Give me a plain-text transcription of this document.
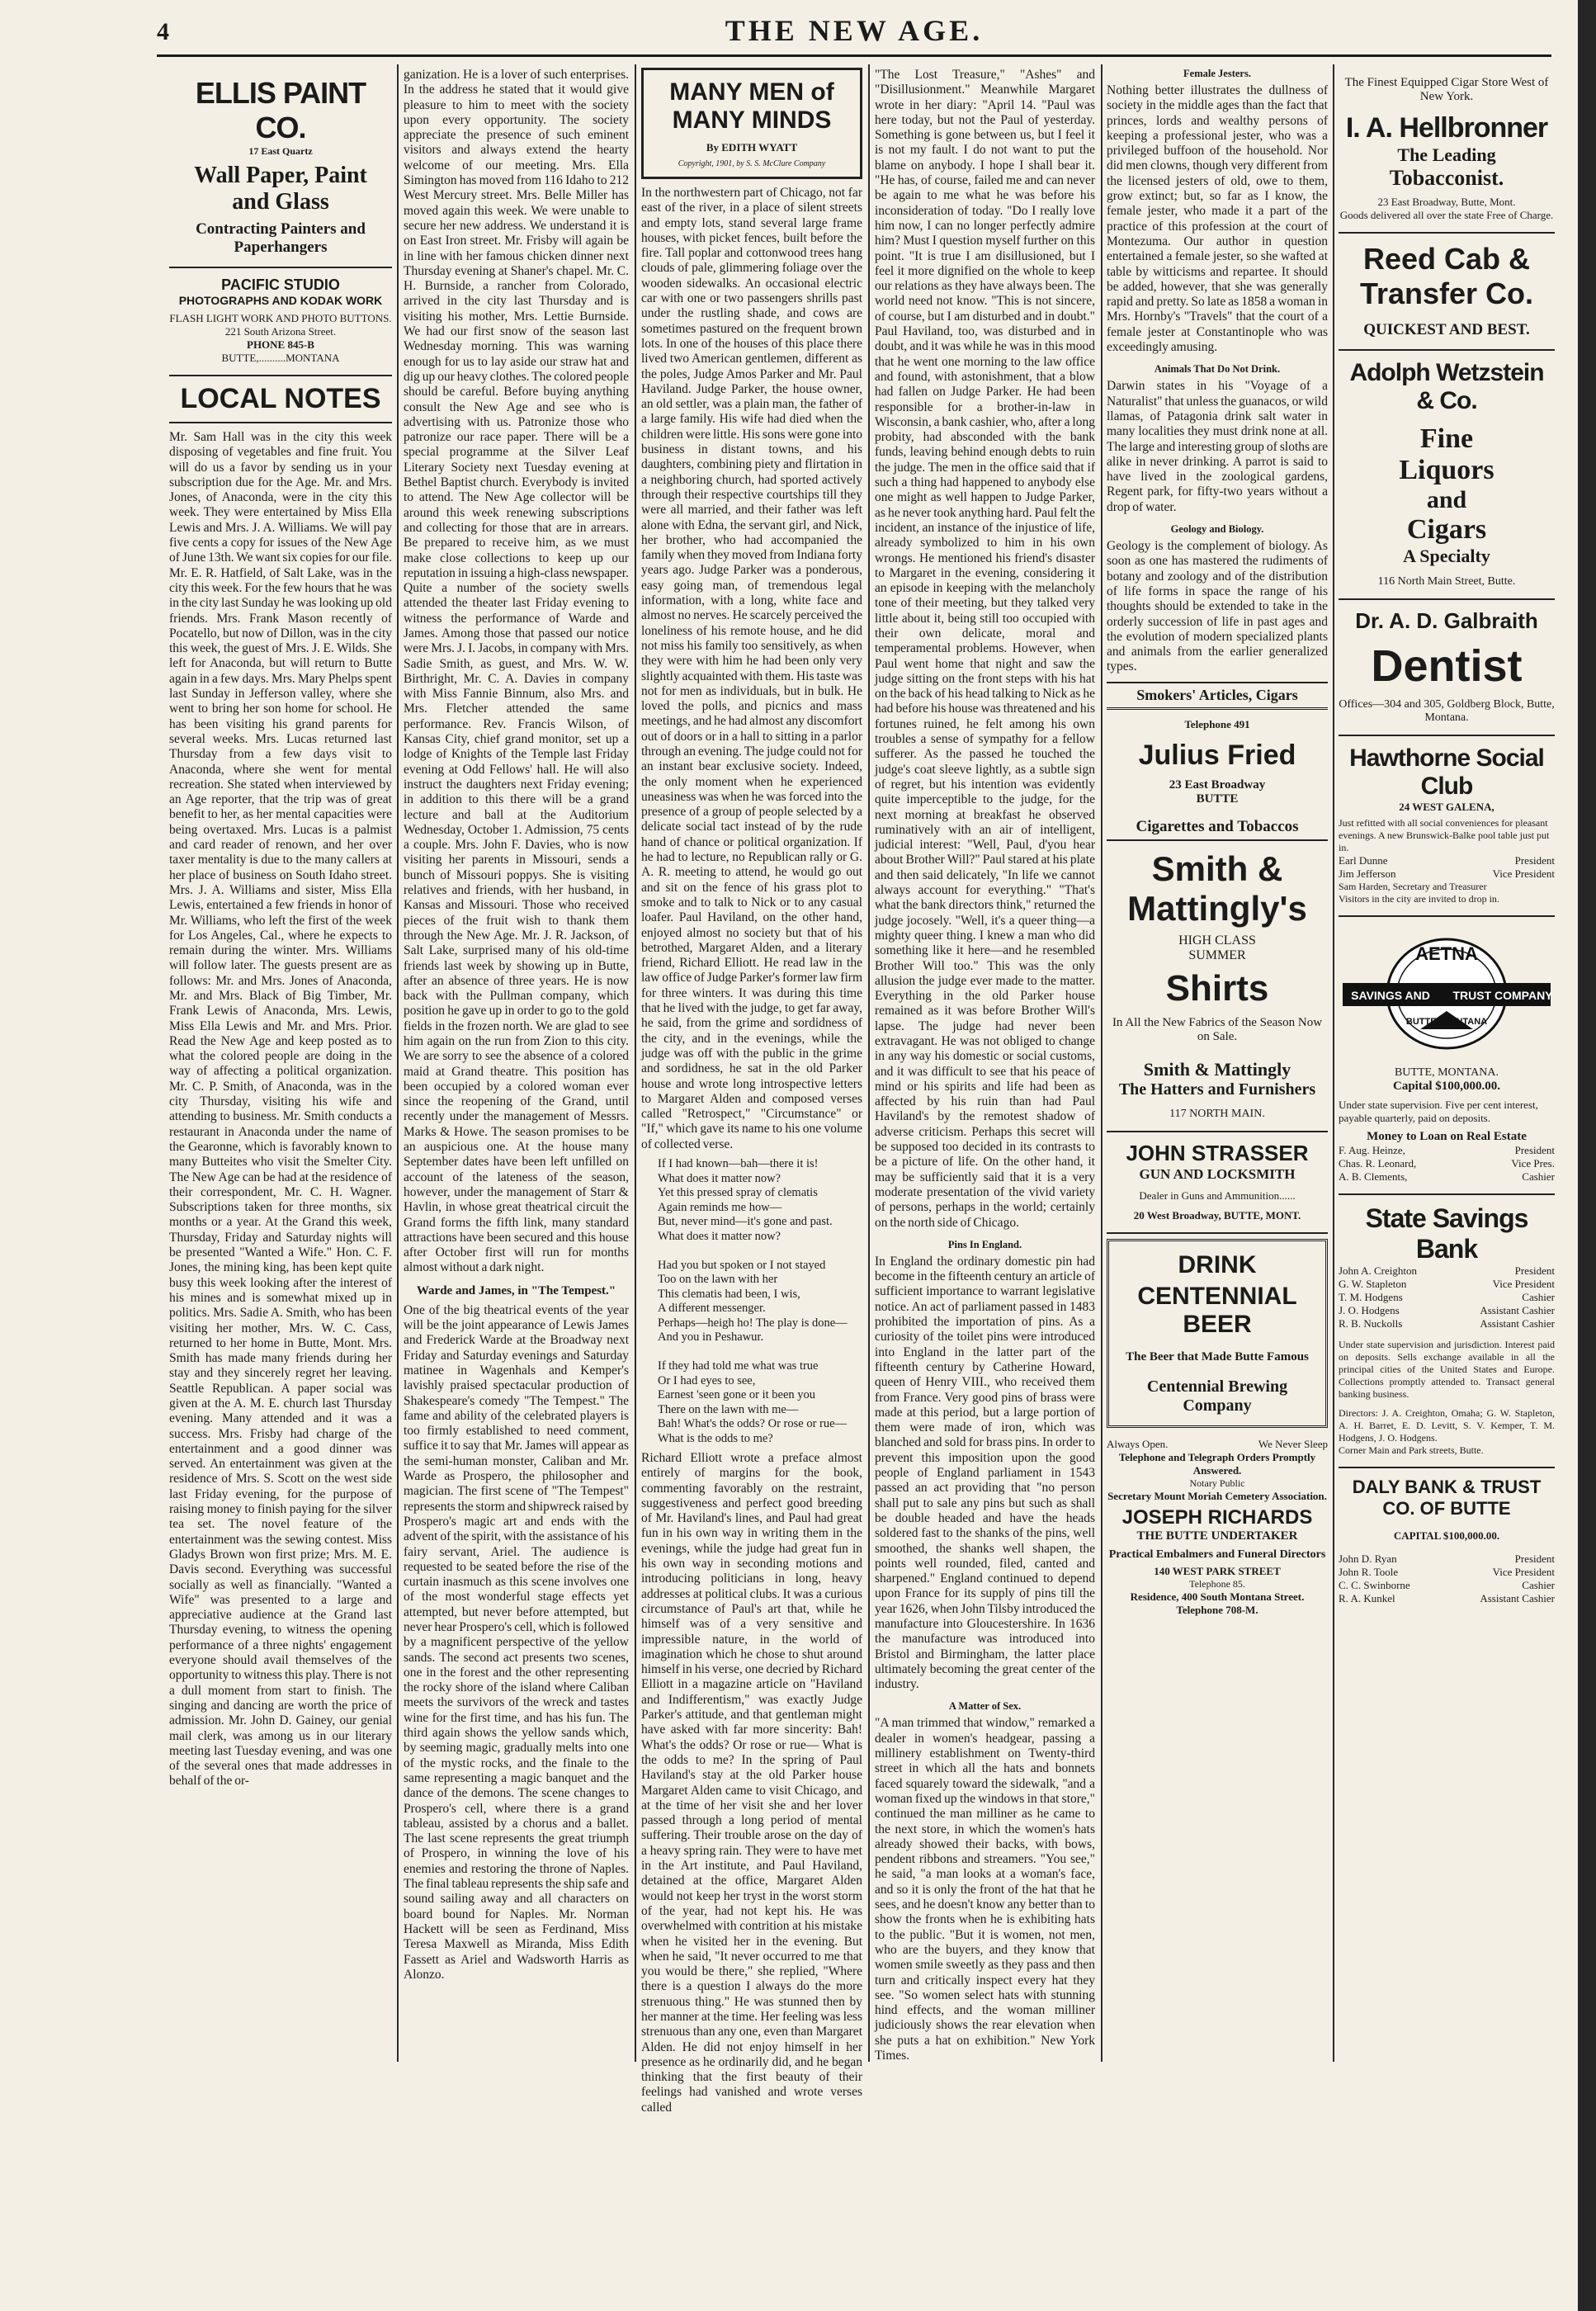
4	THE NEW AGE.
ELLIS PAINT CO.
17 East Quartz
Wall Paper, Paint
and Glass
Contracting Painters and Paperhangers
PACIFIC STUDIO
PHOTOGRAPHS AND KODAK WORK
FLASH LIGHT WORK AND PHOTO BUTTONS.
221 South Arizona Street.
PHONE 845-B
BUTTE,..........MONTANA
LOCAL NOTES

Mr. Sam Hall was in the city this week disposing of vegetables and fine fruit. You will do us a favor by sending us in your subscription due for the Age. Mr. and Mrs. Jones, of Anaconda, were in the city this week. They were entertained by Miss Ella Lewis and Mrs. J. A. Williams. We will pay five cents a copy for issues of the New Age of June 13th. We want six copies for our file. Mr. E. R. Hatfield, of Salt Lake, was in the city this week. For the few hours that he was in the city last Sunday he was looking up old friends. Mrs. Frank Mason recently of Pocatello, but now of Dillon, was in the city this week, the guest of Mrs. J. E. Wilds. She left for Anaconda, but will return to Butte again in a few days. Mrs. Mary Phelps spent last Sunday in Jefferson valley, where she went to bring her son home for school. He has been visiting his grand parents for several weeks. Mrs. Lucas returned last Thursday from a few days visit to Anaconda, where she went for mental recreation. She stated when interviewed by an Age reporter, that the trip was of great benefit to her, as her mental capacities were being overtaxed. Mrs. Lucas is a palmist and card reader of renown, and her over taxer mentality is due to the many callers at her place of business on South Idaho street. Mrs. J. A. Williams and sister, Miss Ella Lewis, entertained a few friends in honor of Mr. Williams, who left the first of the week for Los Angeles, Cal., where he expects to remain during the winter. Mrs. Williams will follow later. The guests present are as follows: Mr. and Mrs. Jones of Anaconda, Mr. and Mrs. Black of Big Timber, Mr. Frank Lewis of Anaconda, Mrs. Lewis, Miss Ella Lewis and Mr. and Mrs. Prior. Read the New Age and keep posted as to what the colored people are doing in the way of affecting a political organization. Mr. C. P. Smith, of Anaconda, was in the city Thursday, visiting his wife and attending to business. Mr. Smith conducts a restaurant in Anaconda under the name of the Gearonne, which is favorably known to many Butteites who visit the Smelter City. The New Age can be had at the residence of their correspondent, Mr. C. H. Wagner. Subscriptions taken for three months, six months or a year. At the Grand this week, Thursday, Friday and Saturday nights will be presented "Wanted a Wife." Hon. C. F. Jones, the mining king, has been kept quite busy this week looking after the interest of his mines and is somewhat mixed up in politics. Mrs. Sadie A. Smith, who has been visiting her mother, Mrs. W. C. Cass, returned to her home in Butte, Mont. Mrs. Smith has made many friends during her stay and they sincerely regret her leaving. Seattle Republican. A paper social was given at the A. M. E. church last Thursday evening. Many attended and it was a success. Mrs. Frisby had charge of the entertainment and a good dinner was served. An entertainment was given at the residence of Mrs. S. Scott on the west side last Friday evening, for the purpose of raising money to finish paying for the silver tea set. The novel feature of the entertainment was the sewing contest. Miss Gladys Brown won first prize; Mrs. M. E. Davis second. Everything was successful socially as well as financially. "Wanted a Wife" was presented to a large and appreciative audience at the Grand last Thursday evening, to witness the opening performance of a three nights' engagement everyone should avail themselves of the opportunity to witness this play. There is not a dull moment from start to finish. The singing and dancing are worth the price of admission. Mr. John D. Gainey, our genial mail clerk, was among us in our literary meeting last Tuesday evening, and was one of the several ones that made addresses in behalf of the or-

ganization. He is a lover of such enterprises. In the address he stated that it would give pleasure to him to meet with the society upon every opportunity. The society appreciate the presence of such eminent visitors and always extend the hearty welcome of our meeting. Mrs. Ella Simington has moved from 116 Idaho to 212 West Mercury street. Mrs. Belle Miller has moved again this week. We were unable to secure her new address. We understand it is on East Iron street. Mr. Frisby will again be in line with her famous chicken dinner next Thursday evening at Shaner's chapel. Mr. C. H. Burnside, a rancher from Colorado, arrived in the city last Thursday and is visiting his mother, Mrs. Lettie Burnside. We had our first snow of the season last Wednesday morning. This was warning enough for us to lay aside our straw hat and dig up our heavy clothes. The colored people should be careful. Before buying anything consult the New Age and see who is advertising with us. Patronize those who patronize our race paper. There will be a special programme at the Silver Leaf Literary Society next Tuesday evening at Bethel Baptist church. Everybody is invited to attend. The New Age collector will be around this week renewing subscriptions and collecting for those that are in arrears. Be prepared to receive him, as we must make close collections to keep up our reputation in issuing a high-class newspaper. Quite a number of the society swells attended the theater last Friday evening to witness the performance of Warde and James. Among those that passed our notice were Mrs. J. I. Jacobs, in company with Mrs. Sadie Smith, as guest, and Mrs. W. W. Birthright, Mr. C. A. Davies in company with Miss Fannie Binnum, also Mrs. and Mrs. Fletcher attended the same performance. Rev. Francis Wilson, of Kansas City, chief grand monitor, set up a lodge of Knights of the Temple last Friday evening at Odd Fellows' hall. He will also instruct the daughters next Friday evening; in addition to this there will be a grand lecture and ball at the Auditorium Wednesday, October 1. Admission, 75 cents a couple. Mrs. John F. Davies, who is now visiting her parents in Missouri, sends a bunch of Missouri poppys. She is visiting relatives and friends, with her husband, in Kansas and Missouri. Those who received pieces of the fruit wish to thank them through the New Age. Mr. J. R. Jackson, of Salt Lake, surprised many of his old-time friends last week by showing up in Butte, after an absence of three years. He is now back with the Pullman company, which position he gave up in order to go to the gold fields in the frozen north. We are glad to see him again on the run from Zion to this city. We are sorry to see the absence of a colored maid at Grand theatre. This position has been occupied by a colored woman ever since the reopening of the Grand, until recently under the management of Messrs. Marks & Howe. The season promises to be an auspicious one. At the house many September dates have been left unfilled on account of the lateness of the season, however, under the management of Starr & Havlin, in whose great theatrical circuit the Grand forms the fifth link, many standard attractions have been secured and this house after October first will run for months almost without a dark night.

Warde and James, in "The Tempest."

One of the big theatrical events of the year will be the joint appearance of Lewis James and Frederick Warde at the Broadway next Friday and Saturday evenings and Saturday matinee in Wagenhals and Kemper's lavishly praised spectacular production of Shakespeare's comedy "The Tempest." The fame and ability of the celebrated players is too firmly established to need comment, suffice it to say that Mr. James will appear as the semi-human monster, Caliban and Mr. Warde as Prospero, the philosopher and magician. The first scene of "The Tempest" represents the storm and shipwreck raised by Prospero's magic art and ends with the advent of the spirit, with the assistance of his fairy servant, Ariel. The audience is requested to be seated before the rise of the curtain inasmuch as this scene involves one of the most wonderful stage effects yet attempted, but never before attempted, but never hear Prospero's cell, which is followed by a magnificent perspective of the yellow sands. The second act presents two scenes, one in the forest and the other representing the rocky shore of the island where Caliban meets the survivors of the wreck and tastes wine for the first time, and has his fun. The third again shows the yellow sands which, by seeming magic, gradually melts into one of the mystic rocks, and the finale to the same representing a magic banquet and the dance of the demons. The scene changes to Prospero's cell, where there is a grand tableau, assisted by a chorus and a ballet. The last scene represents the great triumph of Prospero, in winning the love of his enemies and restoring the throne of Naples. The final tableau represents the ship safe and sound sailing away and all characters on board bound for Naples. Mr. Norman Hackett will be seen as Ferdinand, Miss Teresa Maxwell as Miranda, Miss Edith Fassett as Ariel and Wadsworth Harris as Alonzo.

MANY MEN of
MANY MINDS
By EDITH WYATT
Copyright, 1901, by S. S. McClure Company

In the northwestern part of Chicago, not far east of the river, in a place of silent streets and empty lots, stand several large frame houses, with picket fences, built before the fire. Tall poplar and cottonwood trees hang clouds of pale, glimmering foliage over the wooden sidewalks. An occasional electric car with one or two passengers shrills past under the rustling shade, and cows are sometimes pastured on the frequent brown lots. In one of the houses of this place there lived two American gentlemen, different as the poles, Judge Amos Parker and Mr. Paul Haviland. Judge Parker, the house owner, an old settler, was a plain man, the father of a large family. His wife had died when the children were little. His sons were gone into business in distant towns, and his daughters, combining piety and flirtation in a neighboring church, had sported actively through their respective courtships till they were all married, and their father was left alone with Edna, the servant girl, and Nick, her brother, who had accompanied the family when they moved from Indiana forty years ago. Judge Parker was a ponderous, easy going man, of tremendous legal information, with a long, white face and almost no nerves. He scarcely perceived the loneliness of his remote house, and he did not miss his family too sensitively, as when they were with him he had been only very slightly acquainted with them. His taste was not for men as individuals, but in bulk. He loved the polls, and picnics and mass meetings, and he had almost any discomfort out of doors or in a hall to sitting in a parlor through an evening. The judge could not for an instant bear exclusive society. Indeed, the only moment when he experienced uneasiness was when he was forced into the presence of a group of people selected by a delicate social tact instead of by the rude hand of chance or political organization. If he had to lecture, no Republican rally or G. A. R. meeting to attend, he would go out and sit on the fence of his grass plot to smoke and to talk to Nick or to any casual loafer. Paul Haviland, on the other hand, enjoyed almost no society but that of his betrothed, Margaret Alden, and a literary friend, Richard Elliott. He read law in the law office of Judge Parker's former law firm for three winters. It was during this time that he lived with the judge, to get far away, he said, from the grime and sordidness of the city, and in the evenings, while the judge was off with the public in the grime and sordidness, he sat in the old Parker house and wrote long introspective letters to Margaret Alden and composed verses called "Retrospect," "Circumstance" or "If," which gave its name to his one volume of collected verse.

If I had known—bah—there it is!
What does it matter now?
Yet this pressed spray of clematis
Again reminds me how—
But, never mind—it's gone and past.
What does it matter now?

Had you but spoken or I not stayed
Too on the lawn with her
This clematis had been, I wis,
A different messenger.
Perhaps—heigh ho! The play is done—
And you in Peshawur.

If they had told me what was true
Or I had eyes to see,
Earnest 'seen gone or it been you
There on the lawn with me—
Bah! What's the odds? Or rose or rue—
What is the odds to me?

Richard Elliott wrote a preface almost entirely of margins for the book, commenting favorably on the restraint, suggestiveness and perfect good breeding of Mr. Haviland's lines, and Paul had great fun in his own way in writing them in the evenings, while the judge had great fun in his own way in seconding motions and introducing politicians in long, heavy addresses at political clubs. It was a curious circumstance of Paul's art that, while he himself was of a very sensitive and impressible nature, in the world of imagination which he chose to shut around himself in his verse, one decried by Richard Elliott in a magazine article on "Haviland and Indifferentism," was exactly Judge Parker's attitude, and that gentleman might have asked with far more sincerity: Bah! What's the odds? Or rose or rue— What is the odds to me? In the spring of Paul Haviland's stay at the old Parker house Margaret Alden came to visit Chicago, and at the time of her visit she and her lover passed through a long period of mental suffering. Their trouble arose on the day of a heavy spring rain. They were to have met in the Art institute, and Paul Haviland, detained at the office, Margaret Alden would not keep her tryst in the worst storm of the year, had not kept his. He was overwhelmed with contrition at his mistake when he visited her in the evening. But when he said, "It never occurred to me that you would be there," she replied, "Where there is a question I always do the more strenuous thing." He was stunned then by her manner at the time. Her feeling was less strenuous than any one, even than Margaret Alden. He did not enjoy himself in her presence as he ordinarily did, and he began thinking that the first beauty of their feelings had vanished and wrote verses called

"The Lost Treasure," "Ashes" and "Disillusionment." Meanwhile Margaret wrote in her diary: "April 14. "Paul was here today, but not the Paul of yesterday. Something is gone between us, but I feel it is not my fault. I do not want to put the blame on anybody. I hope I shall bear it. "He has, of course, failed me and can never be again to me what he was before his inconsideration of today. "Do I really love him now, I can no longer perfectly admire him? Must I question myself further on this point. "It is true I am disillusioned, but I feel it more dignified on the whole to keep our relations as they have always been. The world need not know. "This is not sincere, of course, but I am disturbed and in doubt." Paul Haviland, too, was disturbed and in doubt, and it was while he was in this mood that he went one morning to the law office and found, with astonishment, that a blow had fallen on Judge Parker. He had been responsible for a brother-in-law in Wisconsin, a bank cashier, who, after a long probity, had absconded with the bank funds, leaving behind enough debts to ruin the judge. The men in the office said that if such a thing had happened to anybody else one might as well happen to Judge Parker, as he never took anything hard. Paul felt the incident, an instance of the injustice of life, already symbolized to him in his own wrongs. He mentioned his friend's disaster to Margaret in the evening, considering it an episode in keeping with the melancholy tone of their meeting, but they talked very little about it, being still too occupied with their own delicate, moral and temperamental problems. However, when Paul went home that night and saw the judge sitting on the front steps with his hat on the back of his head talking to Nick as he had before his house was threatened and his fortunes ruined, he felt among his own troubles a sense of sympathy for a fellow sufferer. As the passed he touched the judge's coat sleeve lightly, as a subtle sign of regret, but his intention was evidently quite imperceptible to the judge, for the next morning at breakfast he observed ruminatively with an air of intelligent, judicial interest: "Well, Paul, d'you hear about Brother Will?" Paul stared at his plate and then said delicately, "In life we cannot always account for everything." "That's what the bank directors think," returned the judge jocosely. "Well, it's a queer thing—a mighty queer thing. I knew a man who did something like it here—and he resembled Brother Will too." This was the only allusion the judge ever made to the matter. Everything in the old Parker house remained as it was before Brother Will's lapse. The judge had never been extravagant. He was not obliged to change in any way his domestic or social customs, and it was difficult to see that his peace of mind or his spirits and life had been as affected by his ruin than had Paul Haviland's by the remotest shadow of adverse criticism. Perhaps this secret will be supposed too decided in its contrasts to be a picture of life. On the other hand, it may be sufficiently said that it is a very moderate presentation of the vivid variety of persons, perhaps in the world; certainly on the north side of Chicago.

Pins In England.

In England the ordinary domestic pin had become in the fifteenth century an article of sufficient importance to warrant legislative notice. An act of parliament passed in 1483 prohibited the importation of pins. As a curiosity of the toilet pins were introduced into England in the latter part of the fifteenth century by Catherine Howard, queen of Henry VIII., who received them from France. Very good pins of brass were made at this period, but a large portion of them were made of iron, which was blanched and sold for brass pins. In order to prevent this imposition upon the good people of England parliament in 1543 passed an act providing that "no person shall put to sale any pins but such as shall be double headed and have the heads soldered fast to the shanks of the pins, well smoothed, the shanks well shapen, the points well rounded, filed, canted and sharpened." England continued to depend upon France for its supply of pins till the year 1626, when John Tilsby introduced the manufacture into Gloucestershire. In 1636 the manufacture was introduced into Bristol and Birmingham, the latter place ultimately becoming the great center of the industry.

A Matter of Sex.

"A man trimmed that window," remarked a dealer in women's headgear, passing a millinery establishment on Twenty-third street in which all the hats and bonnets faced squarely toward the sidewalk, "and a woman fixed up the windows in that store," continued the man milliner as he came to the next store, in which the women's hats already showed their backs, with bows, pendent ribbons and streamers. "You see," he said, "a man looks at a woman's face, and so it is only the front of the hat that he sees, and he doesn't know any better than to show the fronts when he is exhibiting hats to the public. "But it is women, not men, who are the buyers, and they know that women smile sweetly as they pass and then turn and critically inspect every hat they see. "So women select hats with stunning hind effects, and the woman milliner judiciously shows the rear elevation when she puts a hat on exhibition." New York Times.

Female Jesters.

Nothing better illustrates the dullness of society in the middle ages than the fact that princes, lords and wealthy persons of keeping a professional jester, who was a privileged buffoon of the household. Nor did men clowns, though very different from the licensed jesters of old, owe to them, grow extinct; but, so far as I know, the female jester, who made it a part of the practice of this profession at the court of Montezuma. Our author in question entertained a female jester, so she wafted at table by witticisms and repartee. It should be added, however, that she was generally rapid and pretty. So late as 1858 a woman in Mrs. Hornby's "Travels" that the court of a female jester at Constantinople who was exceedingly amusing.

Animals That Do Not Drink.

Darwin states in his "Voyage of a Naturalist" that unless the guanacos, or wild llamas, of Patagonia drink salt water in many localities they must drink none at all. The large and interesting group of sloths are alike in never drinking. A parrot is said to have lived in the zoological gardens, Regent park, for fifty-two years without a drop of water.

Geology and Biology.

Geology is the complement of biology. As soon as one has mastered the rudiments of botany and zoology and of the distribution of life forms in space the range of his thoughts should be extended to take in the orderly succession of life in past ages and the evolution of modern specialized plants and animals from the earlier generalized types.

Smokers' Articles, Cigars
Telephone 491
Julius Fried
23 East Broadway
BUTTE
Cigarettes and Tobaccos
Smith &
Mattingly's
HIGH CLASS
SUMMER
Shirts
In All the New Fabrics of the Season Now on Sale.
Smith & Mattingly
The Hatters and Furnishers
117 NORTH MAIN.
JOHN STRASSER
GUN AND LOCKSMITH
Dealer in Guns and Ammunition......
20 West Broadway, BUTTE, MONT.
DRINK
CENTENNIAL BEER
The Beer that Made Butte Famous
Centennial Brewing Company
Always Open.	We Never Sleep
Telephone and Telegraph Orders Promptly Answered.
Notary Public
Secretary Mount Moriah Cemetery Association.
JOSEPH RICHARDS
THE BUTTE UNDERTAKER
Practical Embalmers and Funeral Directors
140 WEST PARK STREET
Telephone 85.
Residence, 400 South Montana Street.
Telephone 708-M.
The Finest Equipped Cigar Store West of New York.
I. A. Hellbronner
The Leading
Tobacconist.
23 East Broadway, Butte, Mont.
Goods delivered all over the state Free of Charge.
Reed Cab &
Transfer Co.
QUICKEST AND BEST.
Adolph Wetzstein & Co.
Fine
Liquors
and
Cigars
A Specialty
116 North Main Street, Butte.
Dr. A. D. Galbraith
Dentist
Offices—304 and 305, Goldberg Block, Butte, Montana.
Hawthorne Social Club
24 WEST GALENA,
Just refitted with all social conveniences for pleasant evenings. A new Brunswick-Balke pool table just put in.
Earl Dunne	President
Jim Jefferson	Vice President
Sam Harden, Secretary and Treasurer
Visitors in the city are invited to drop in.
AETNA
SAVINGS AND TRUST COMPANY
BUTTE, MONTANA
BUTTE, MONTANA.
Capital $100,000.00.
Under state supervision. Five per cent interest, payable quarterly, paid on deposits.
Money to Loan on Real Estate
F. Aug. Heinze,	President
Chas. R. Leonard,	Vice Pres.
A. B. Clements,	Cashier
State Savings Bank
John A. Creighton	President
G. W. Stapleton	Vice President
T. M. Hodgens	Cashier
J. O. Hodgens	Assistant Cashier
R. B. Nuckolls	Assistant Cashier
Under state supervision and jurisdiction. Interest paid on deposits. Sells exchange available in all the principal cities of the United States and Europe. Collections promptly attended to. Transact general banking business.
Directors: J. A. Creighton, Omaha; G. W. Stapleton, A. H. Barret, E. D. Levitt, S. V. Kemper, T. M. Hodgens, J. O. Hodgens.
Corner Main and Park streets, Butte.
DALY BANK & TRUST
CO. OF BUTTE
CAPITAL $100,000.00.
John D. Ryan	President
John R. Toole	Vice President
C. C. Swinborne	Cashier
R. A. Kunkel	Assistant Cashier
